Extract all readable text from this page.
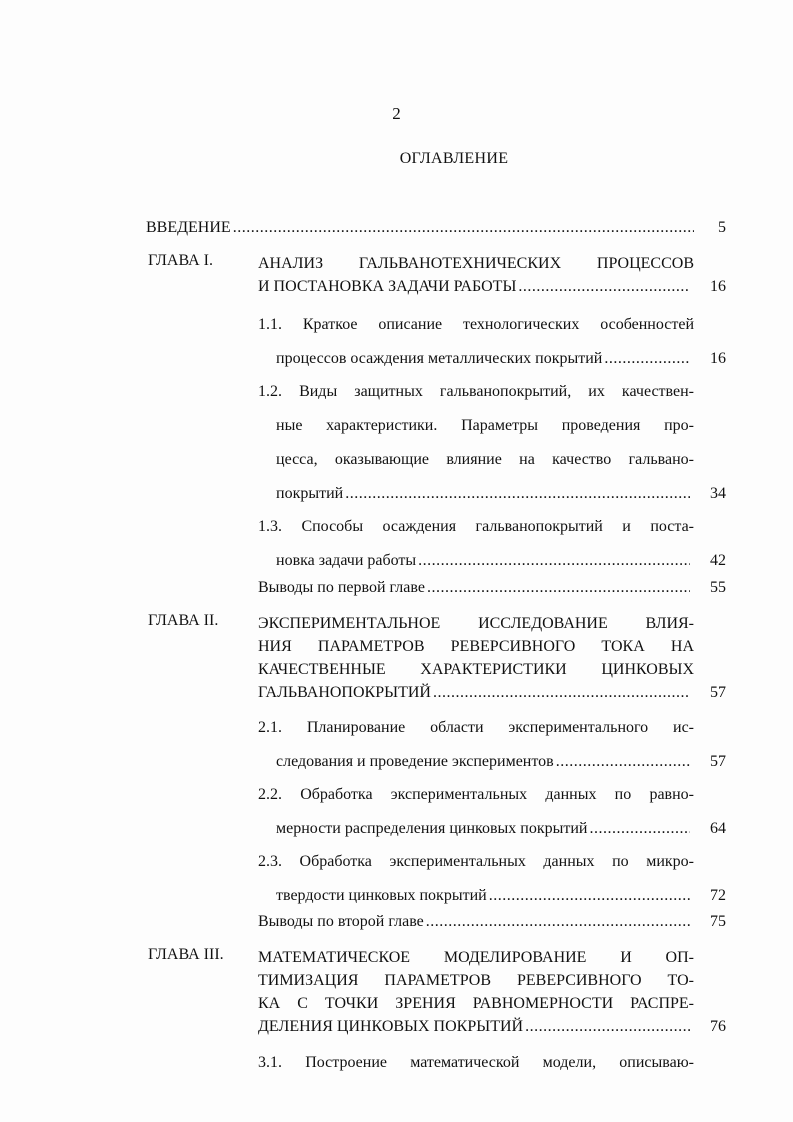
2
ОГЛАВЛЕНИЕ
ВВЕДЕНИЕ .....	5
ГЛАВА I.	АНАЛИЗ ГАЛЬВАНОТЕХНИЧЕСКИХ ПРОЦЕССОВ
И ПОСТАНОВКА ЗАДАЧИ РАБОТЫ .....	16
1.1. Краткое описание технологических особенностей
процессов осаждения металлических покрытий .....	16
1.2. Виды защитных гальванопокрытий, их качествен-
ные характеристики. Параметры проведения про-
цесса, оказывающие влияние на качество гальвано-
покрытий .....	34
1.3. Способы осаждения гальванопокрытий и поста-
новка задачи работы .....	42
Выводы по первой главе .....	55
ГЛАВА II. ЭКСПЕРИМЕНТАЛЬНОЕ ИССЛЕДОВАНИЕ ВЛИЯ-
НИЯ ПАРАМЕТРОВ РЕВЕРСИВНОГО ТОКА НА
КАЧЕСТВЕННЫЕ ХАРАКТЕРИСТИКИ ЦИНКОВЫХ
ГАЛЬВАНОПОКРЫТИЙ .....	57
2.1. Планирование области экспериментального ис-
следования и проведение экспериментов .....	57
2.2. Обработка экспериментальных данных по равно-
мерности распределения цинковых покрытий .....	64
2.3. Обработка экспериментальных данных по микро-
твердости цинковых покрытий .....	72
Выводы по второй главе .....	75
ГЛАВА III. МАТЕМАТИЧЕСКОЕ МОДЕЛИРОВАНИЕ И ОП-
ТИМИЗАЦИЯ ПАРАМЕТРОВ РЕВЕРСИВНОГО ТО-
КА С ТОЧКИ ЗРЕНИЯ РАВНОМЕРНОСТИ РАСПРЕ-
ДЕЛЕНИЯ ЦИНКОВЫХ ПОКРЫТИЙ .....	76
3.1. Построение математической модели, описываю-
